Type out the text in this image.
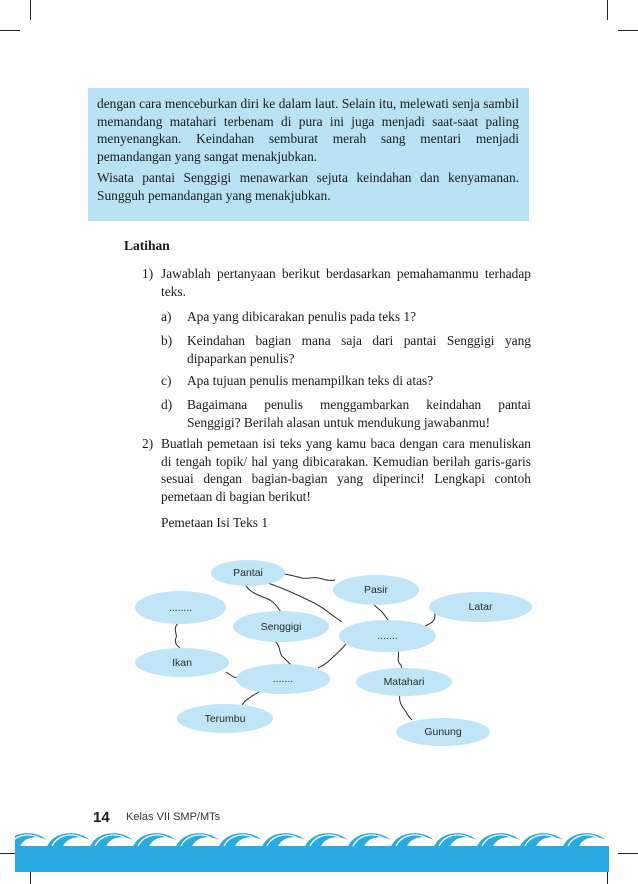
dengan cara menceburkan diri ke dalam laut. Selain itu, melewati senja sambil memandang matahari terbenam di pura ini juga menjadi saat-saat paling menyenangkan. Keindahan semburat merah sang mentari menjadi pemandangan yang sangat menakjubkan.

Wisata pantai Senggigi menawarkan sejuta keindahan dan kenyamanan. Sungguh pemandangan yang menakjubkan.

Latihan
1) Jawablah pertanyaan berikut berdasarkan pemahamanmu terhadap teks.
a)	Apa yang dibicarakan penulis pada teks 1?
b)	Keindahan bagian mana saja dari pantai Senggigi yang dipaparkan penulis?
c)	Apa tujuan penulis menampilkan teks di atas?
d)	Bagaimana penulis menggambarkan keindahan pantai Senggigi? Berilah alasan untuk mendukung jawabanmu!
2) Buatlah pemetaan isi teks yang kamu baca dengan cara menuliskan di tengah topik/ hal yang dibicarakan. Kemudian berilah garis-garis sesuai dengan bagian-bagian yang diperinci! Lengkapi contoh pemetaan di bagian berikut!
Pemetaan Isi Teks 1
Pantai
Pasir
Latar
........
Senggigi
.......
Ikan
.......	Matahari
Terumbu
Gunung
14 Kelas VII SMP/MTs
